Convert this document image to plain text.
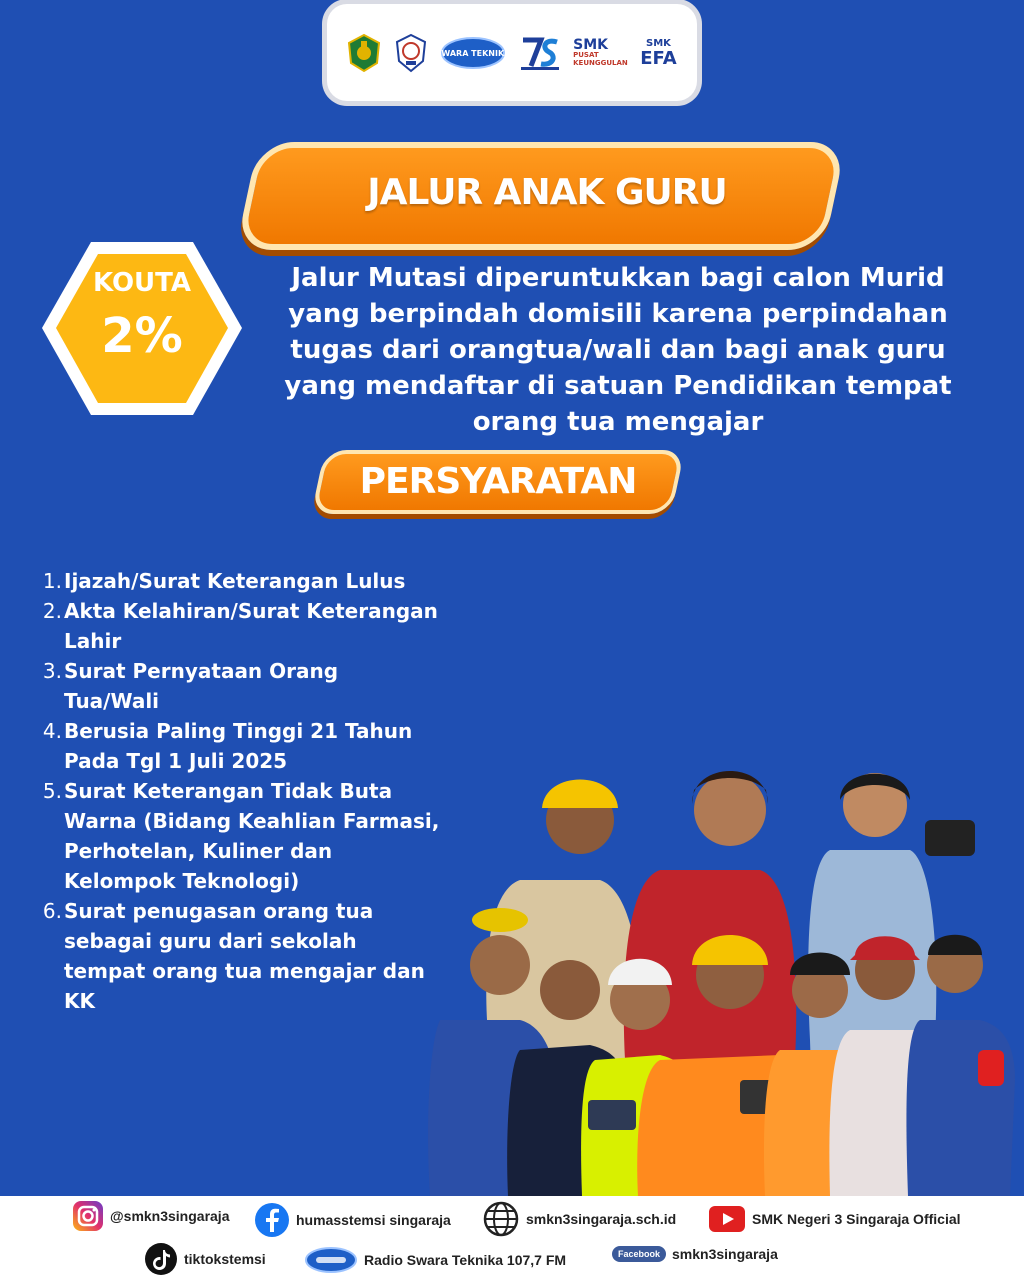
SWARA TEKNIKA
SMK
PUSAT
KEUNGGULAN
SMK
EFA
JALUR ANAK GURU
KOUTA
2%
Jalur Mutasi diperuntukkan bagi calon Murid yang berpindah domisili karena perpindahan tugas dari orangtua/wali dan bagi anak guru yang mendaftar di satuan Pendidikan tempat orang tua mengajar
PERSYARATAN
1. Ijazah/Surat Keterangan Lulus
2. Akta Kelahiran/Surat Keterangan Lahir
3. Surat Pernyataan Orang Tua/Wali
4. Berusia Paling Tinggi 21 Tahun Pada Tgl 1 Juli 2025
5. Surat Keterangan Tidak Buta Warna (Bidang Keahlian Farmasi, Perhotelan, Kuliner dan Kelompok Teknologi)
6. Surat penugasan orang tua sebagai guru dari sekolah tempat orang tua mengajar dan KK
@smkn3singaraja	humasstemsi singaraja	smkn3singaraja.sch.id	SMK Negeri 3 Singaraja Official
tiktokstemsi	Radio Swara Teknika 107,7 FM	Facebook smkn3singaraja
